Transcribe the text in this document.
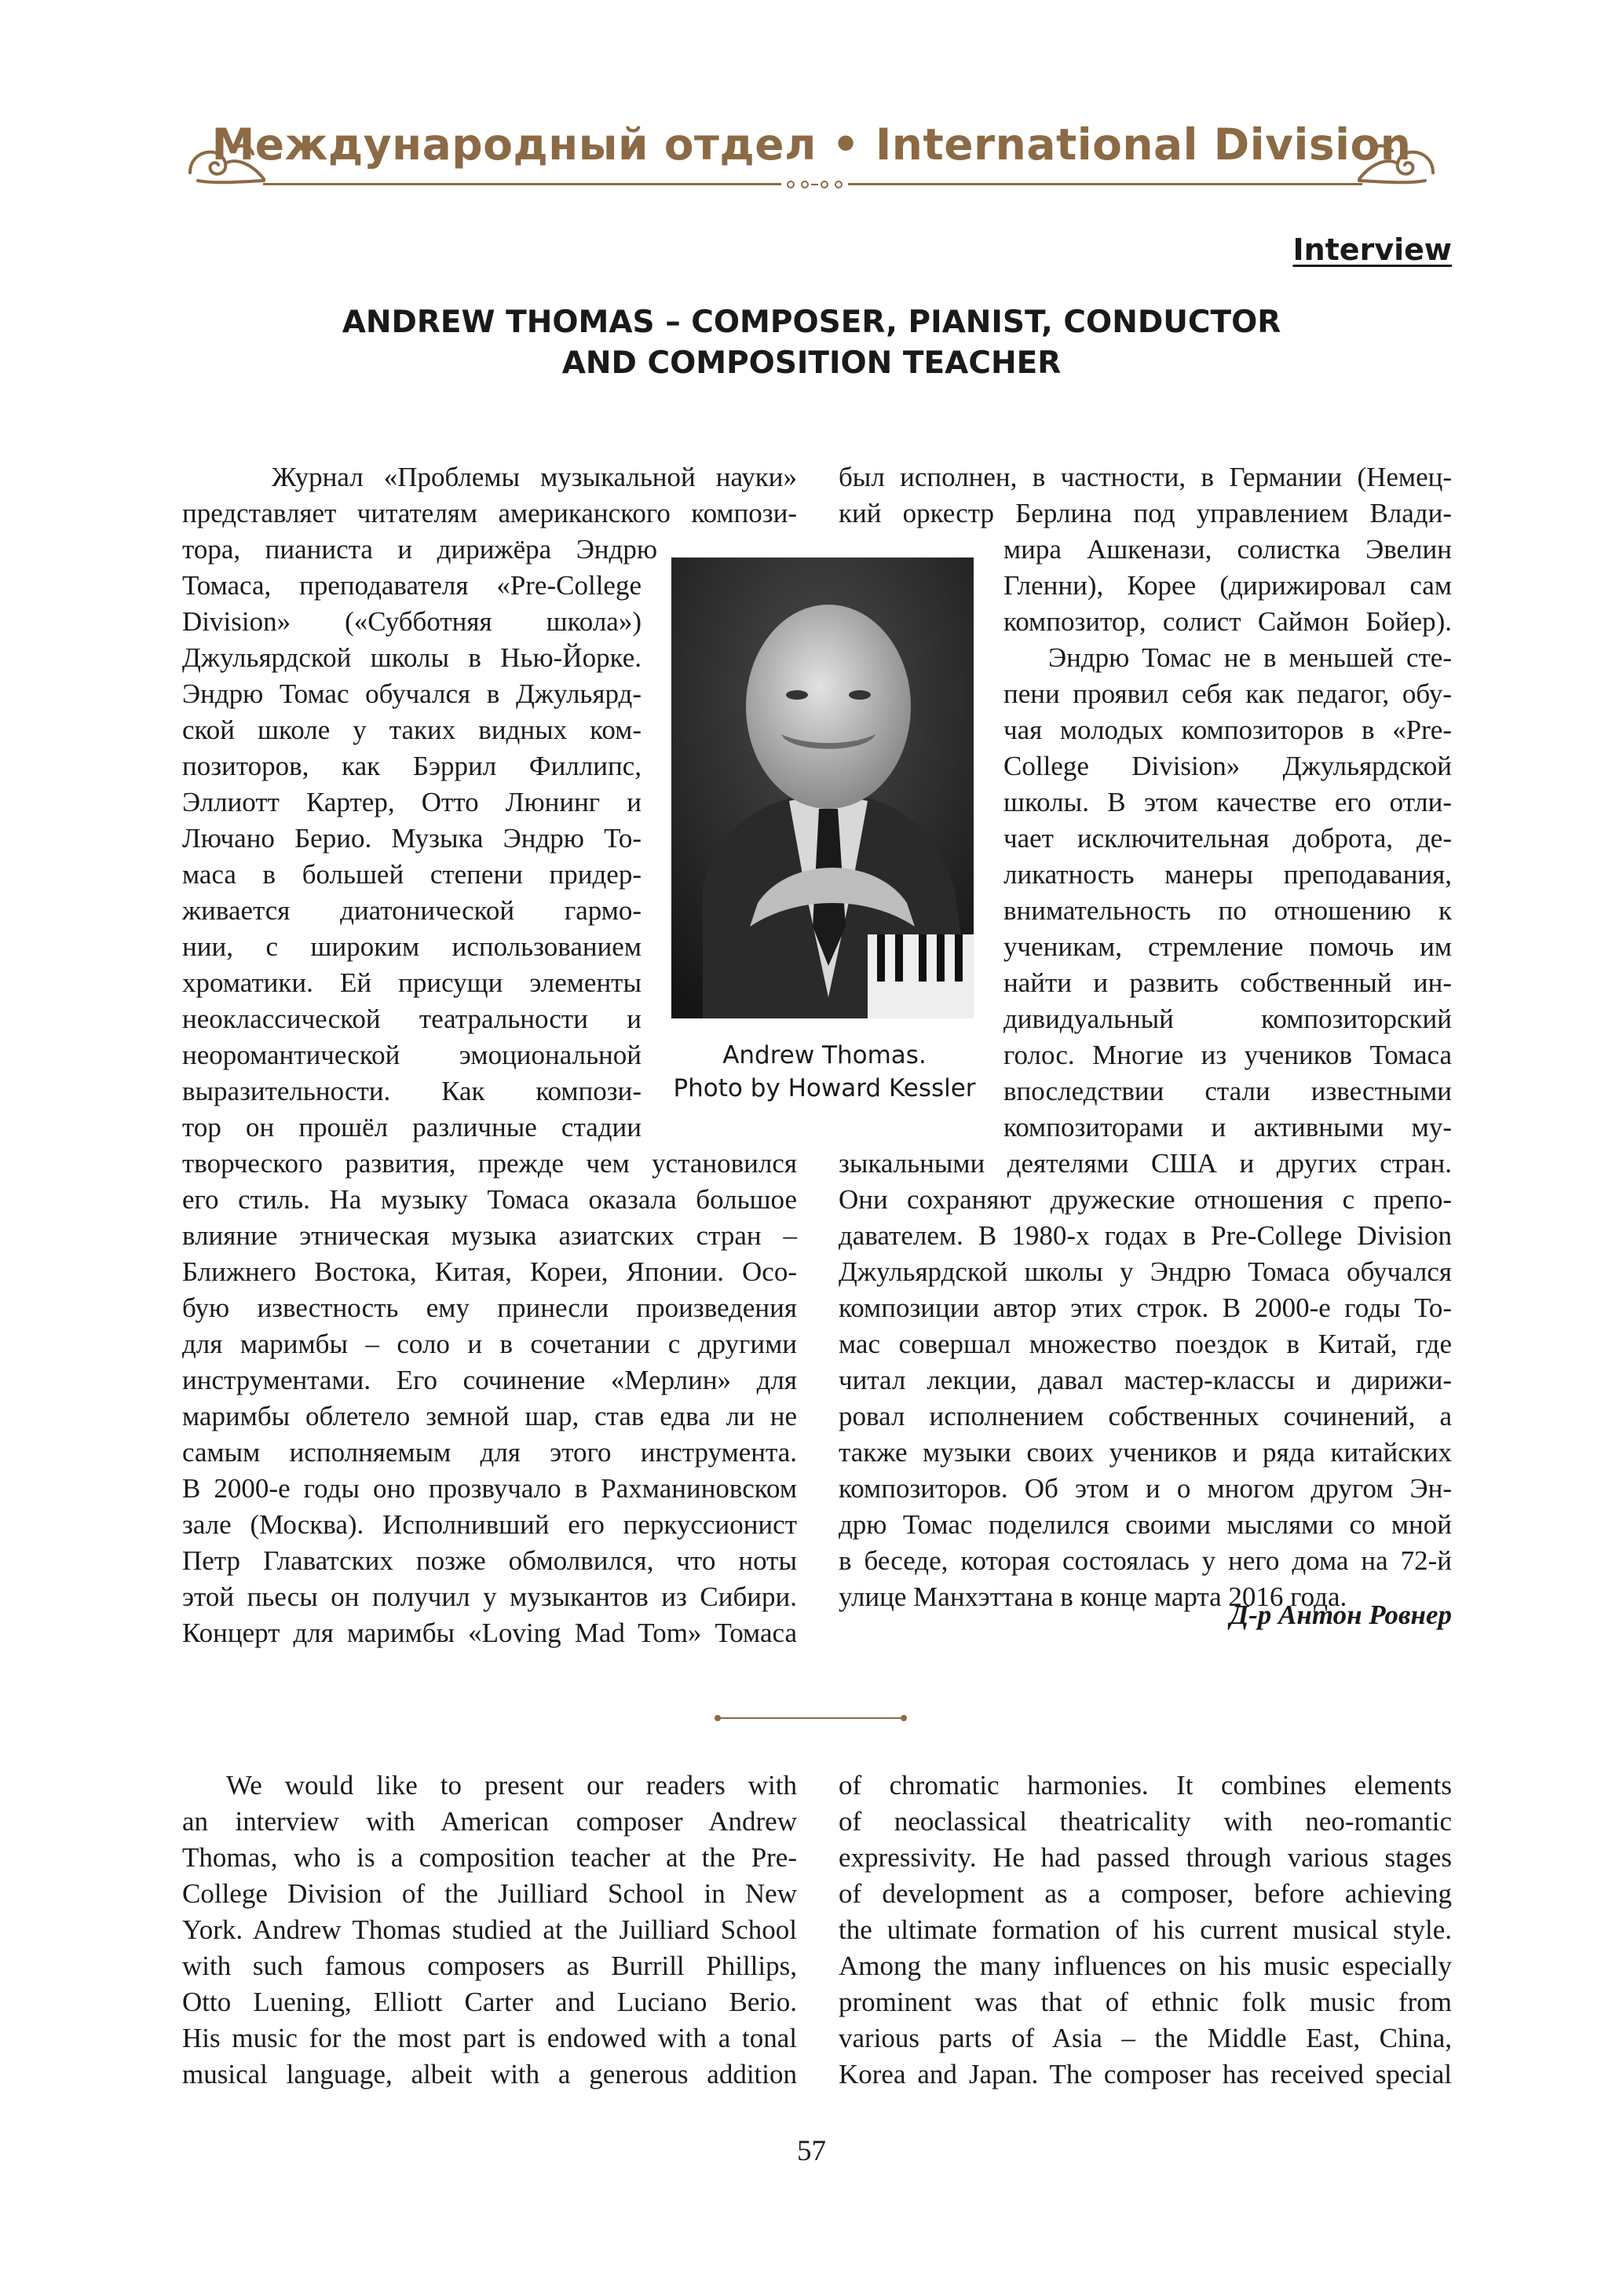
Международный отдел • International Division
Interview
ANDREW THOMAS – COMPOSER, PIANIST, CONDUCTOR
AND COMPOSITION TEACHER
Andrew Thomas.
Photo by Howard Kessler
Журнал «Проблемы музыкальной науки»
представляет читателям американского компози-
тора, пианиста и дирижёра Эндрю
Томаса, преподавателя «Pre-College
Division» («Субботняя школа»)
Джульярдской школы в Нью-Йорке.
Эндрю Томас обучался в Джульярд-
ской школе у таких видных ком-
позиторов, как Бэррил Филлипс,
Эллиотт Картер, Отто Люнинг и
Лючано Берио. Музыка Эндрю То-
маса в большей степени придер-
живается диатонической гармо-
нии, с широким использованием
хроматики. Ей присущи элементы
неоклассической театральности и
неоромантической эмоциональной
выразительности. Как компози-
тор он прошёл различные стадии
творческого развития, прежде чем установился
его стиль. На музыку Томаса оказала большое
влияние этническая музыка азиатских стран –
Ближнего Востока, Китая, Кореи, Японии. Осо-
бую известность ему принесли произведения
для маримбы – соло и в сочетании с другими
инструментами. Его сочинение «Мерлин» для
маримбы облетело земной шар, став едва ли не
самым исполняемым для этого инструмента.
В 2000-е годы оно прозвучало в Рахманиновском
зале (Москва). Исполнивший его перкуссионист
Петр Главатских позже обмолвился, что ноты
этой пьесы он получил у музыкантов из Сибири.
Концерт для маримбы «Loving Mad Tom» Томаса
был исполнен, в частности, в Германии (Немец-
кий оркестр Берлина под управлением Влади-
мира Ашкенази, солистка Эвелин
Гленни), Корее (дирижировал сам
композитор, солист Саймон Бойер).
Эндрю Томас не в меньшей сте-
пени проявил себя как педагог, обу-
чая молодых композиторов в «Pre-
College Division» Джульярдской
школы. В этом качестве его отли-
чает исключительная доброта, де-
ликатность манеры преподавания,
внимательность по отношению к
ученикам, стремление помочь им
найти и развить собственный ин-
дивидуальный композиторский
голос. Многие из учеников Томаса
впоследствии стали известными
композиторами и активными му-
зыкальными деятелями США и других стран.
Они сохраняют дружеские отношения с препо-
давателем. В 1980-х годах в Pre-College Division
Джульярдской школы у Эндрю Томаса обучался
композиции автор этих строк. В 2000-е годы То-
мас совершал множество поездок в Китай, где
читал лекции, давал мастер-классы и дирижи-
ровал исполнением собственных сочинений, а
также музыки своих учеников и ряда китайских
композиторов. Об этом и о многом другом Эн-
дрю Томас поделился своими мыслями со мной
в беседе, которая состоялась у него дома на 72-й
улице Манхэттана в конце марта 2016 года.
Д-р Антон Ровнер
We would like to present our readers with
an interview with American composer Andrew
Thomas, who is a composition teacher at the Pre-
College Division of the Juilliard School in New
York. Andrew Thomas studied at the Juilliard School
with such famous composers as Burrill Phillips,
Otto Luening, Elliott Carter and Luciano Berio.
His music for the most part is endowed with a tonal
musical language, albeit with a generous addition
of chromatic harmonies. It combines elements
of neoclassical theatricality with neo-romantic
expressivity. He had passed through various stages
of development as a composer, before achieving
the ultimate formation of his current musical style.
Among the many influences on his music especially
prominent was that of ethnic folk music from
various parts of Asia – the Middle East, China,
Korea and Japan. The composer has received special
57
